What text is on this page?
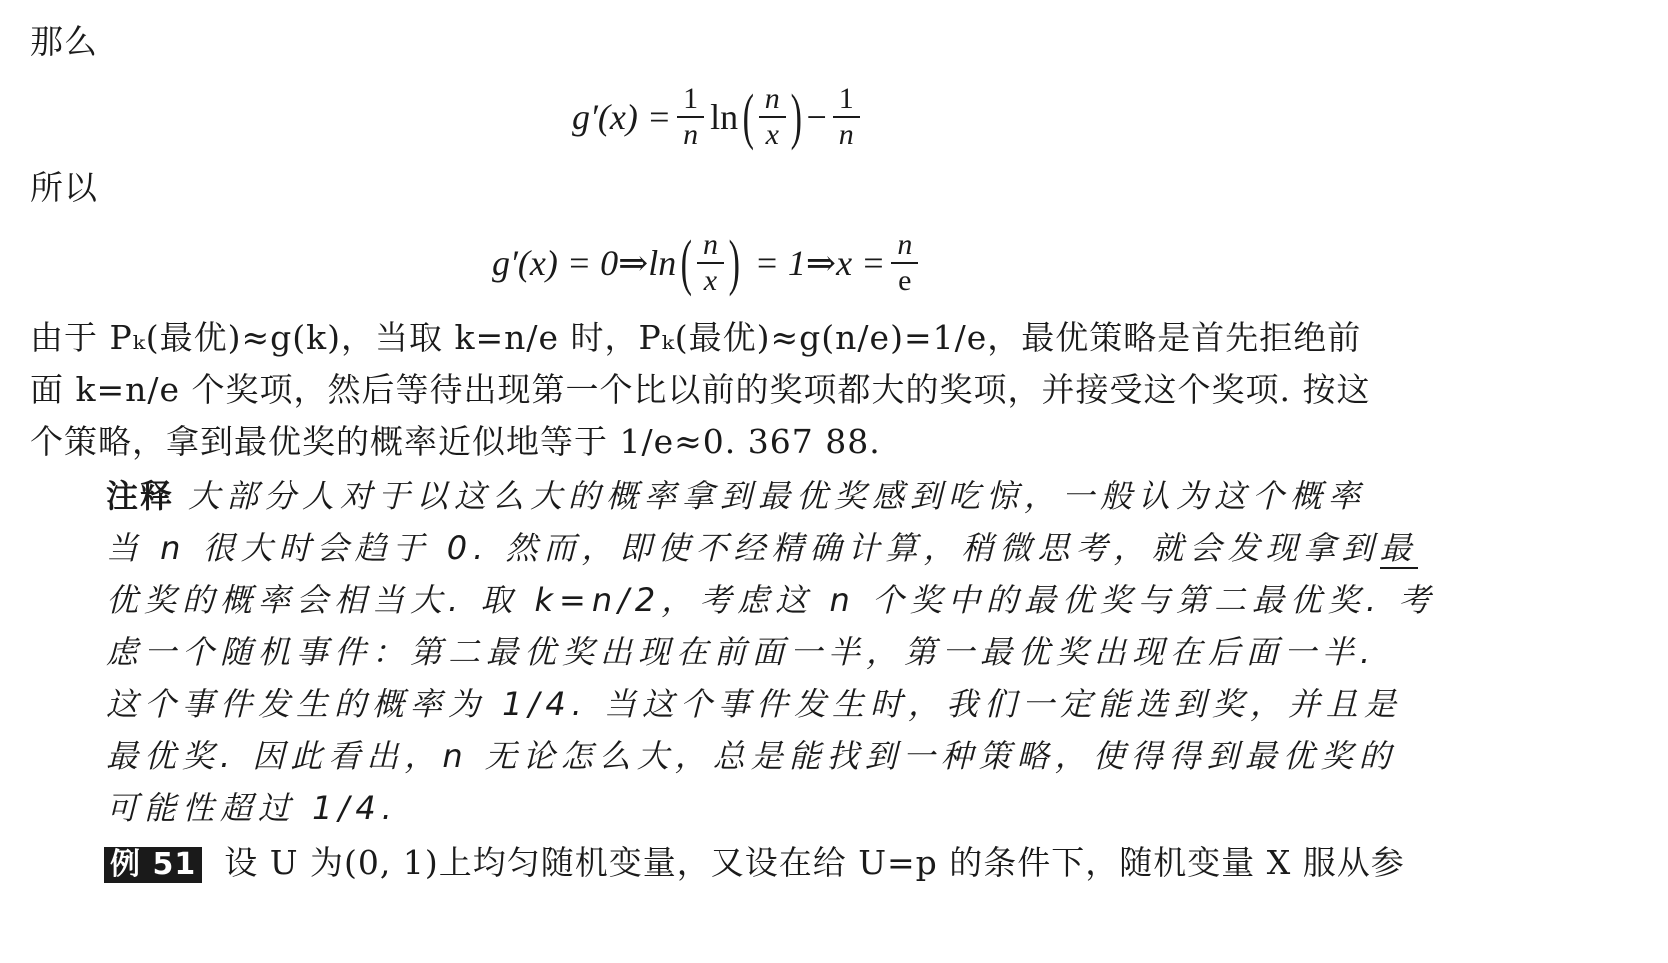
那么
$g'(x) = \frac{1}{n}$ ln ( $\frac{n}{x}$ ) − $\frac{1}{n}$
所以
g′(x) = 0⇒ln ( $\frac{n}{x}$ ) = 1⇒x = $\frac{n}{e}$
由于 Pₖ(最优)≈g(k)，当取 k=n/e 时，Pₖ(最优)≈g(n/e)=1/e，最优策略是首先拒绝前
面 k=n/e 个奖项，然后等待出现第一个比以前的奖项都大的奖项，并接受这个奖项. 按这
个策略，拿到最优奖的概率近似地等于 1/e≈0. 367 88.
注释 大部分人对于以这么大的概率拿到最优奖感到吃惊，一般认为这个概率
当 n 很大时会趋于 0. 然而，即使不经精确计算，稍微思考，就会发现拿到最
优奖的概率会相当大. 取 k=n/2，考虑这 n 个奖中的最优奖与第二最优奖. 考
虑一个随机事件：第二最优奖出现在前面一半，第一最优奖出现在后面一半.
这个事件发生的概率为 1/4. 当这个事件发生时，我们一定能选到奖，并且是
最优奖. 因此看出，n 无论怎么大，总是能找到一种策略，使得得到最优奖的
可能性超过 1/4.
例 51 设 U 为(0, 1)上均匀随机变量，又设在给 U=p 的条件下，随机变量 X 服从参
